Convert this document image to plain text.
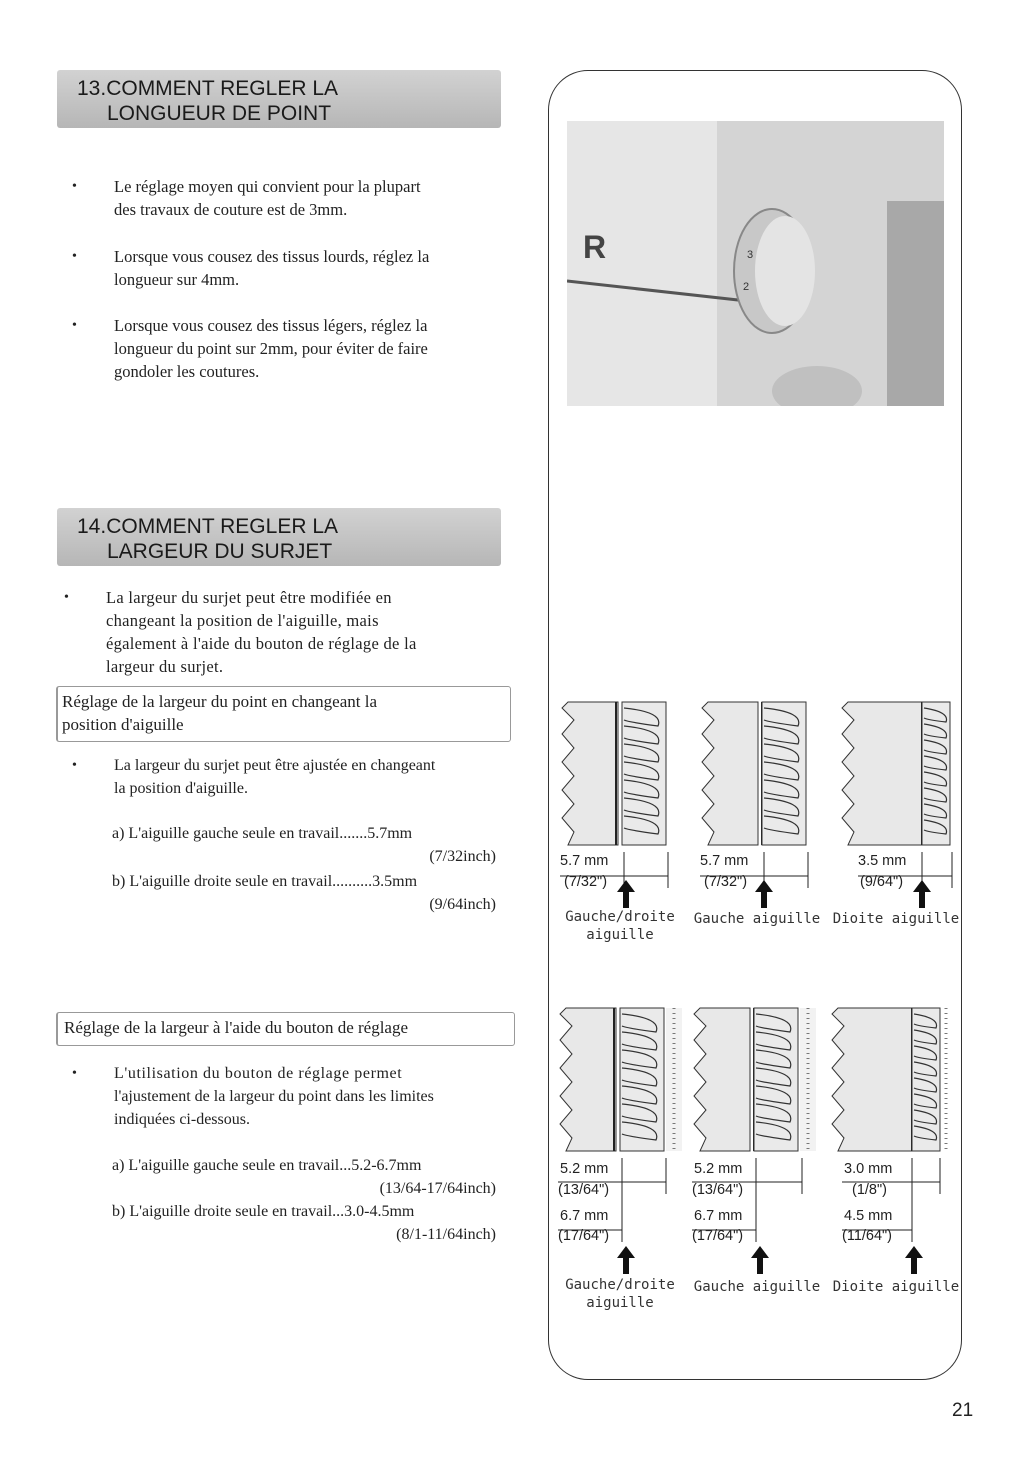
13.COMMENT REGLER LA
LONGUEUR DE POINT
• Le réglage moyen qui convient pour la plupart
des travaux de couture est de 3mm.
• Lorsque vous cousez des tissus lourds, réglez la
longueur sur 4mm.
• Lorsque vous cousez des tissus légers, réglez la
longueur du point sur 2mm, pour éviter de faire
gondoler les coutures.
14.COMMENT REGLER LA
LARGEUR DU SURJET
• La largeur du surjet peut être modifiée en
changeant la position de l'aiguille, mais
également à l'aide du bouton de réglage de la
largeur du surjet.
Réglage de la largeur du point en changeant la
position d'aiguille
• La largeur du surjet peut être ajustée en changeant
la position d'aiguille.
a) L'aiguille gauche seule en travail.......5.7mm
(7/32inch)
b) L'aiguille droite seule en travail..........3.5mm
(9/64inch)
Réglage de la largeur à l'aide du bouton de réglage
• L'utilisation du bouton de réglage permet
l'ajustement de la largeur du point dans les limites
indiquées ci-dessous.
a) L'aiguille gauche seule en travail...5.2-6.7mm
(13/64-17/64inch)
b) L'aiguille droite seule en travail...3.0-4.5mm
(8/1-11/64inch)
R	3
2
5.7 mm
(7/32")
Gauche/droite
aiguille
5.7 mm
(7/32")
Gauche aiguille
3.5 mm
(9/64")
Dioite aiguille
5.2 mm
(13/64")
6.7 mm
(17/64")
Gauche/droite
aiguille
5.2 mm
(13/64")
6.7 mm
(17/64")
Gauche aiguille
3.0 mm
(1/8")
4.5 mm
(11/64")
Dioite aiguille
21
